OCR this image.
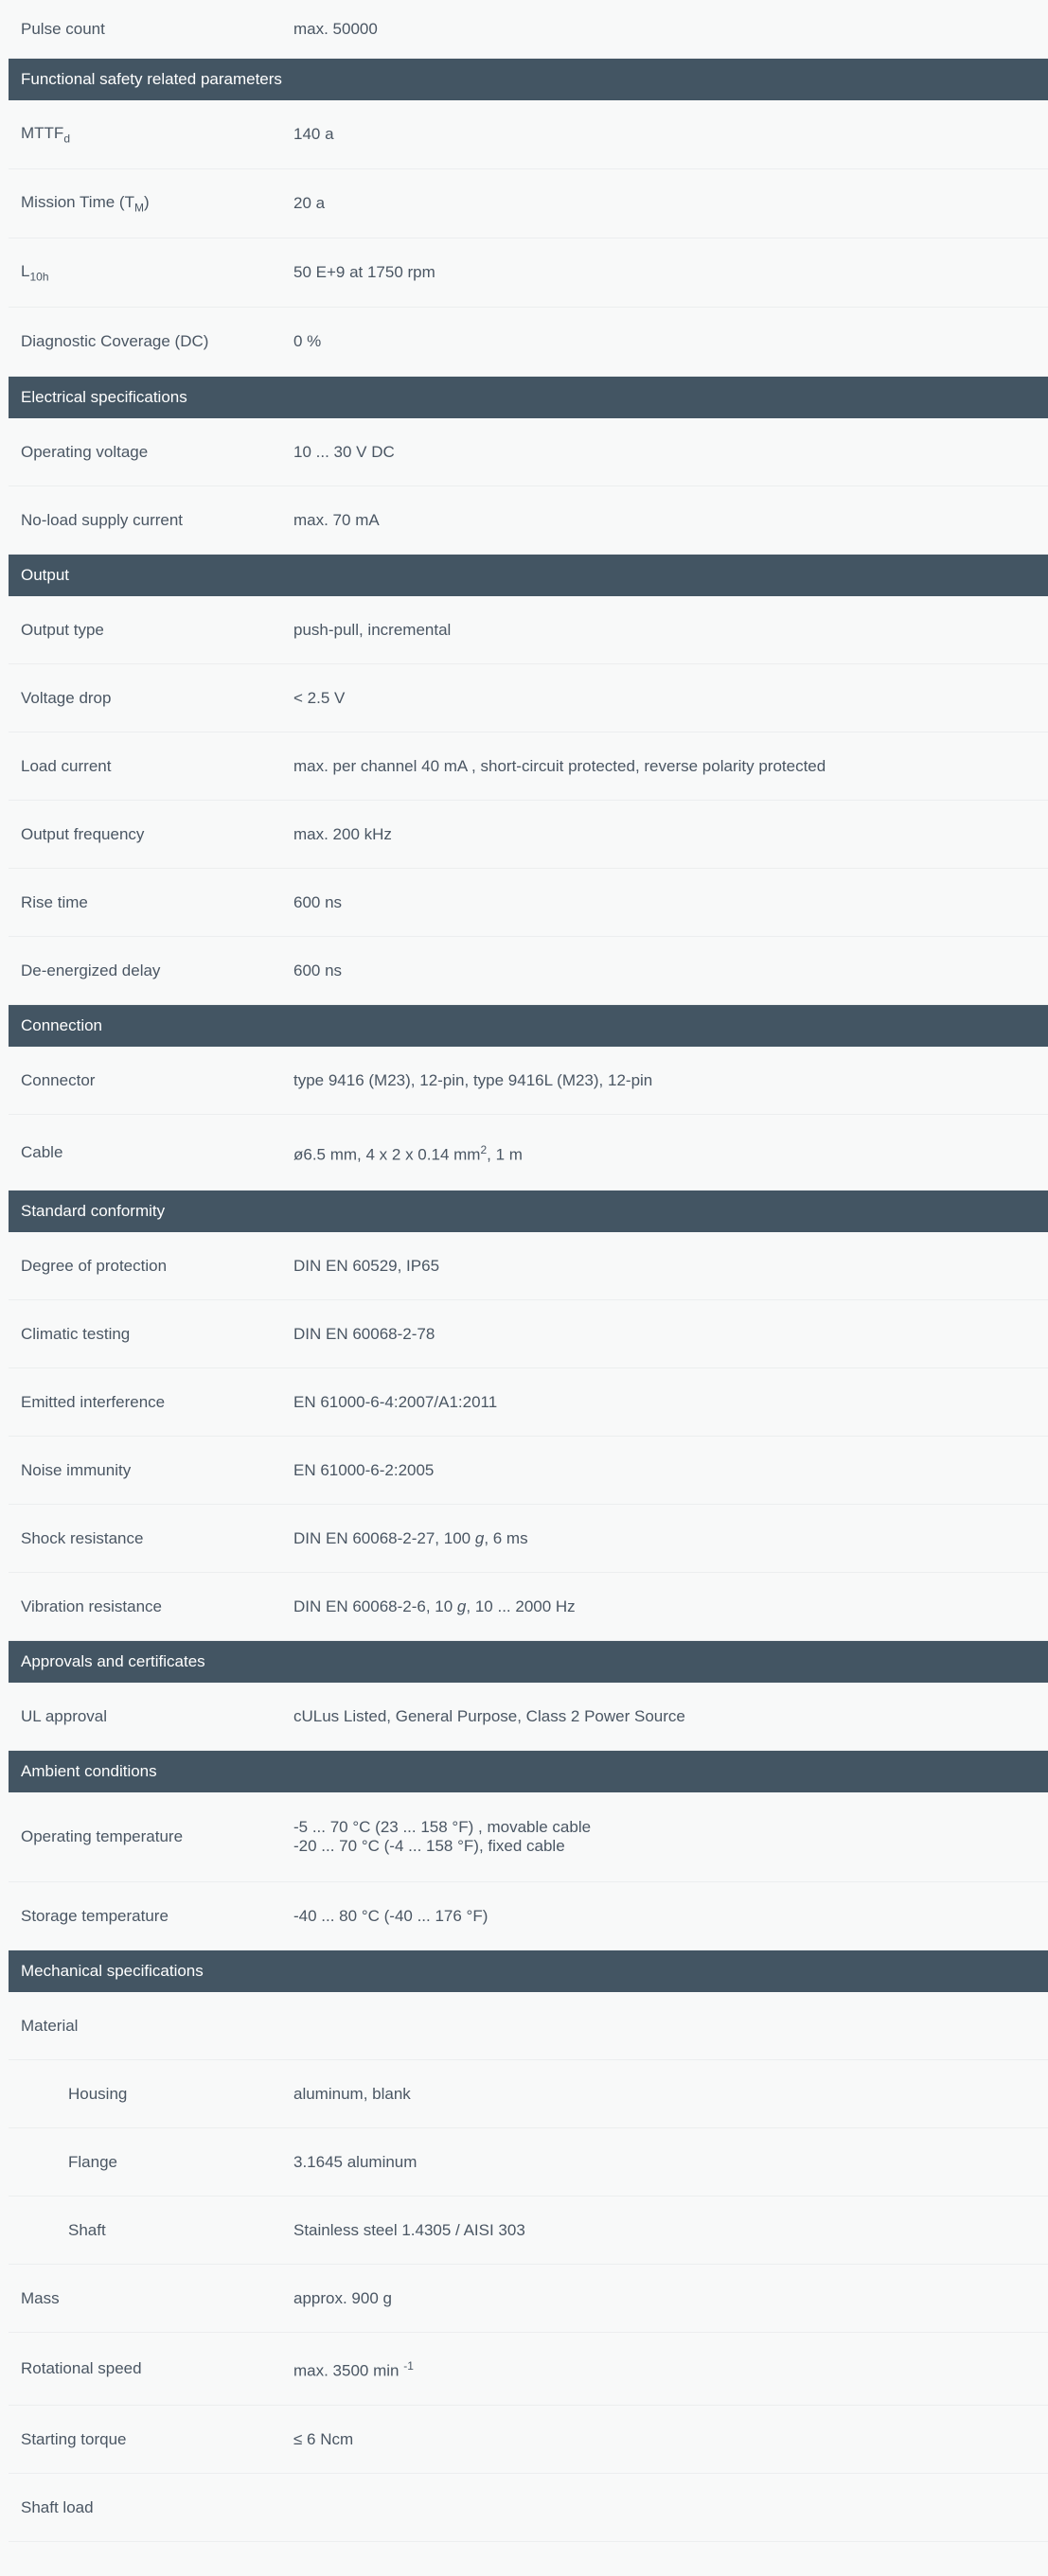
Pulse count	max. 50000
Functional safety related parameters
$MTTF_d$	140 a
Mission Time $(T_M)$	20 a
$L_{10h}$	50 E+9 at 1750 rpm
Diagnostic Coverage (DC)	0 %
Electrical specifications
Operating voltage	10 ... 30 V DC
No-load supply current	max. 70 mA
Output
Output type	push-pull, incremental
Voltage drop	< 2.5 V
Load current	max. per channel 40 mA , short-circuit protected, reverse polarity protected
Output frequency	max. 200 kHz
Rise time	600 ns
De-energized delay	600 ns
Connection
Connector	type 9416 (M23), 12-pin, type 9416L (M23), 12-pin
Cable	ø6.5 mm, 4 x 2 x 0.14 $mm^2$, 1 m
Standard conformity
Degree of protection	DIN EN 60529, IP65
Climatic testing	DIN EN 60068-2-78
Emitted interference	EN 61000-6-4:2007/A1:2011
Noise immunity	EN 61000-6-2:2005
Shock resistance	DIN EN 60068-2-27, 100 g, 6 ms
Vibration resistance	DIN EN 60068-2-6, 10 g, 10 ... 2000 Hz
Approvals and certificates
UL approval	cULus Listed, General Purpose, Class 2 Power Source
Ambient conditions
Operating temperature
-5 ... 70 °C (23 ... 158 °F) , movable cable
-20 ... 70 °C (-4 ... 158 °F), fixed cable
Storage temperature	-40 ... 80 °C (-40 ... 176 °F)
Mechanical specifications
Material
Housing	aluminum, blank
Flange	3.1645 aluminum
Shaft	Stainless steel 1.4305 / AISI 303
Mass	approx. 900 g
Rotational speed	max. 3500 min $^{-1}$
Starting torque	≤ 6 Ncm
Shaft load
